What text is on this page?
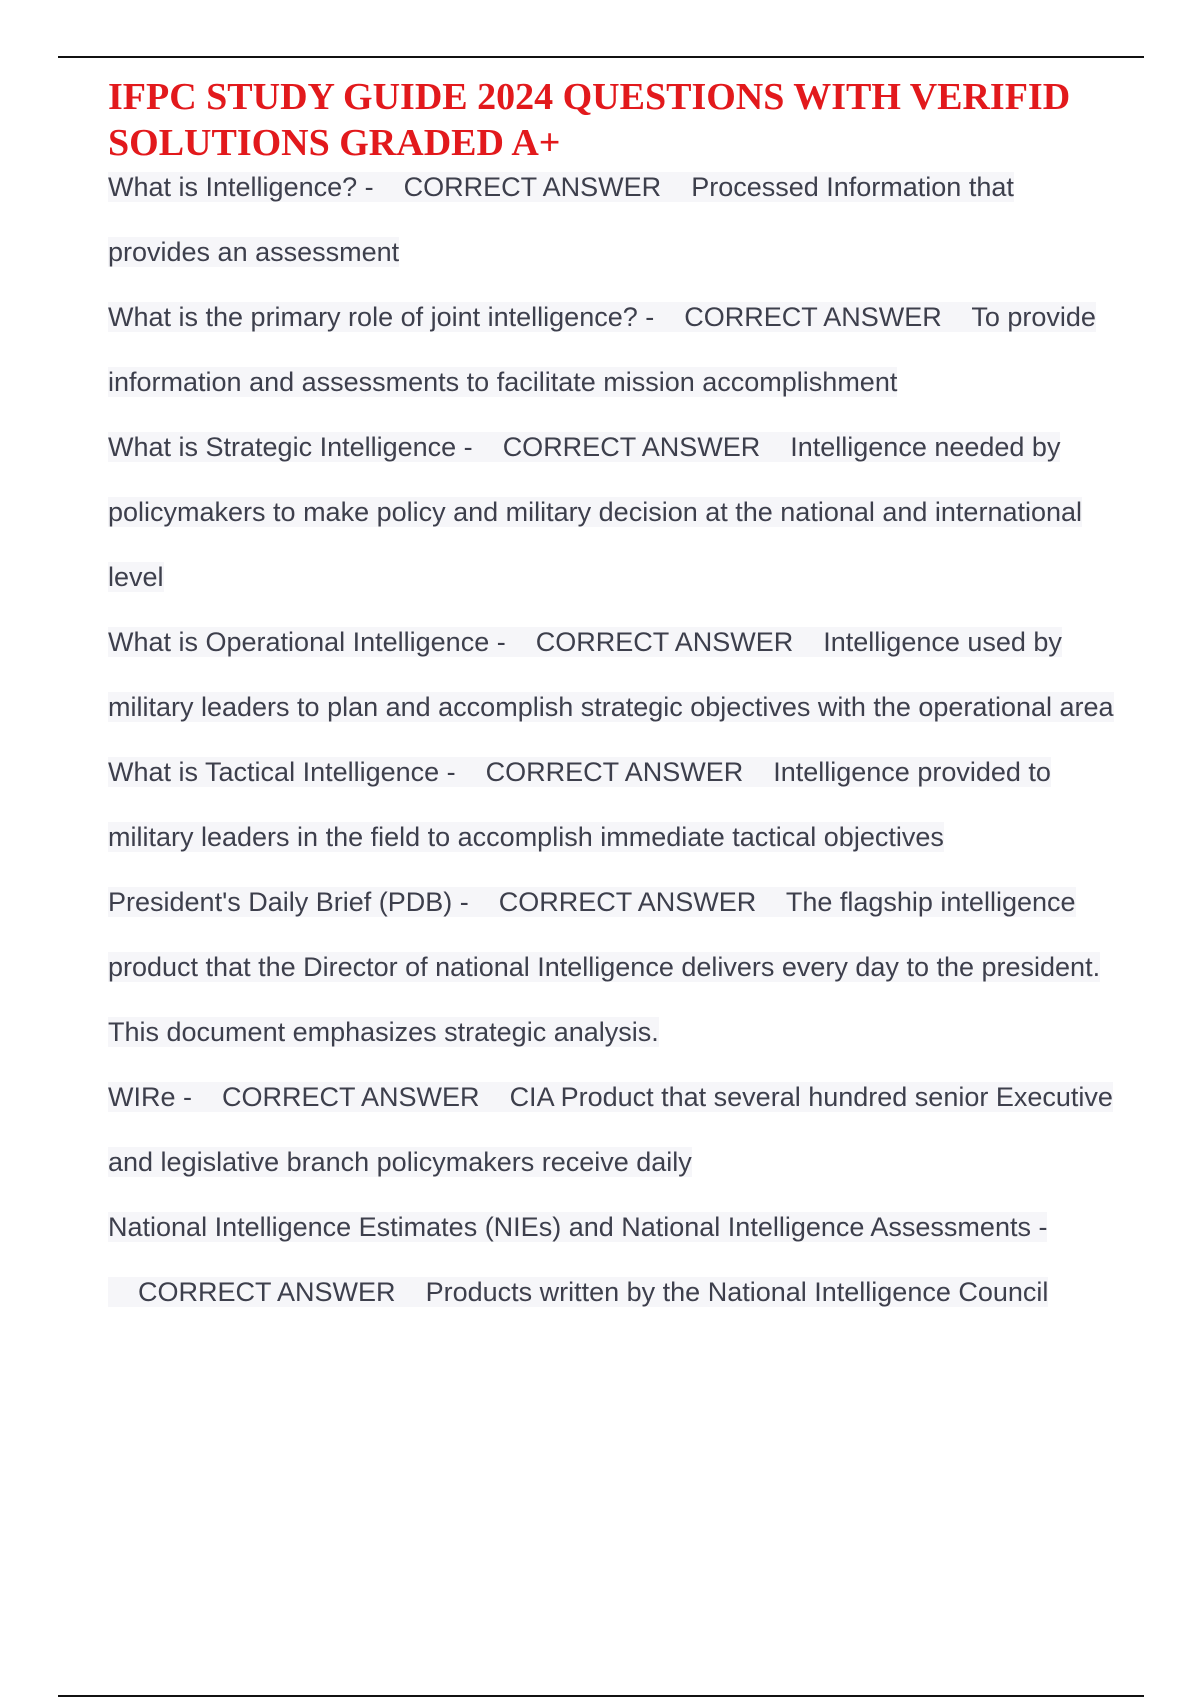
IFPC STUDY GUIDE 2024 QUESTIONS WITH VERIFID SOLUTIONS GRADED A+

What is Intelligence? - CORRECT ANSWER Processed Information that provides an assessment

What is the primary role of joint intelligence? - CORRECT ANSWER To provide information and assessments to facilitate mission accomplishment

What is Strategic Intelligence - CORRECT ANSWER Intelligence needed by policymakers to make policy and military decision at the national and international level

What is Operational Intelligence - CORRECT ANSWER Intelligence used by military leaders to plan and accomplish strategic objectives with the operational area

What is Tactical Intelligence - CORRECT ANSWER Intelligence provided to military leaders in the field to accomplish immediate tactical objectives

President's Daily Brief (PDB) - CORRECT ANSWER The flagship intelligence product that the Director of national Intelligence delivers every day to the president. This document emphasizes strategic analysis.

WIRe - CORRECT ANSWER CIA Product that several hundred senior Executive and legislative branch policymakers receive daily

National Intelligence Estimates (NIEs) and National Intelligence Assessments -    CORRECT ANSWER Products written by the National Intelligence Council
